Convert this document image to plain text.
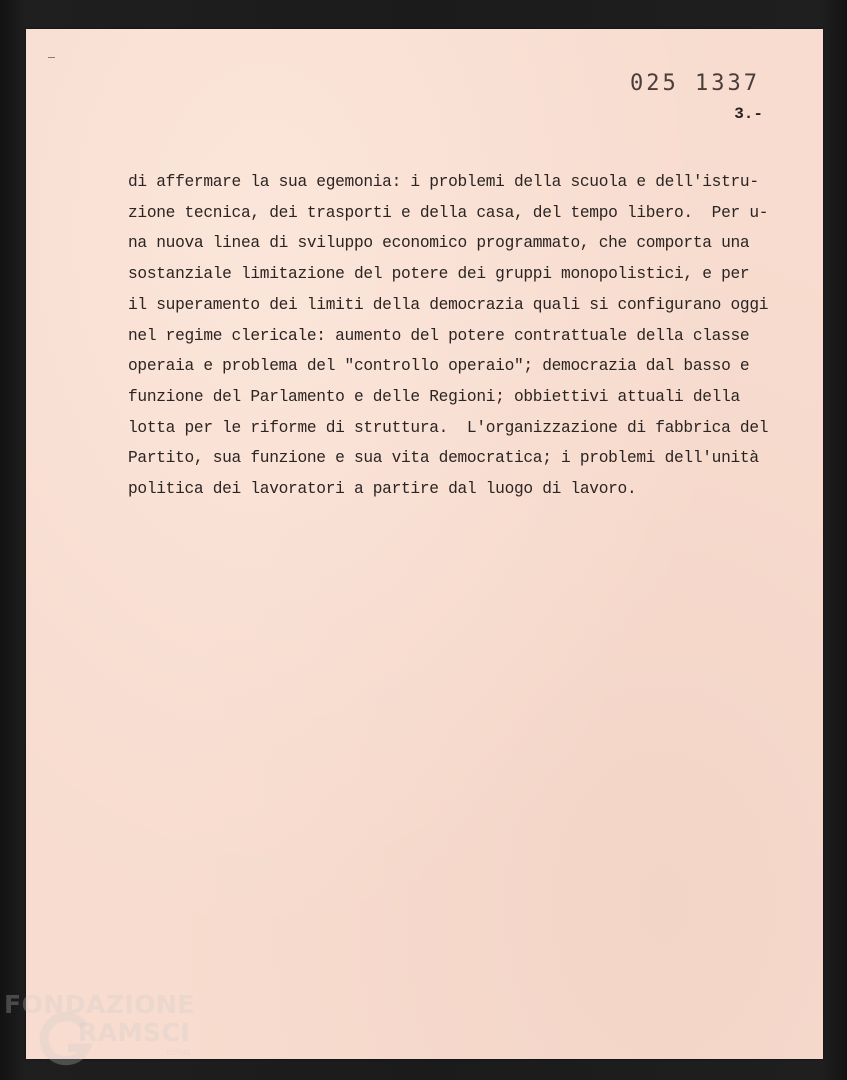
025 1337
3.-
di affermare la sua egemonia: i problemi della scuola e dell'istru-
zione tecnica, dei trasporti e della casa, del tempo libero.  Per u-
na nuova linea di sviluppo economico programmato, che comporta una
sostanziale limitazione del potere dei gruppi monopolistici, e per
il superamento dei limiti della democrazia quali si configurano oggi
nel regime clericale: aumento del potere contrattuale della classe
operaia e problema del "controllo operaio"; democrazia dal basso e
funzione del Parlamento e delle Regioni; obbiettivi attuali della
lotta per le riforme di struttura.  L'organizzazione di fabbrica del
Partito, sua funzione e sua vita democratica; i problemi dell'unità
politica dei lavoratori a partire dal luogo di lavoro.
FONDAZIONE
RAMSCI
onlus
